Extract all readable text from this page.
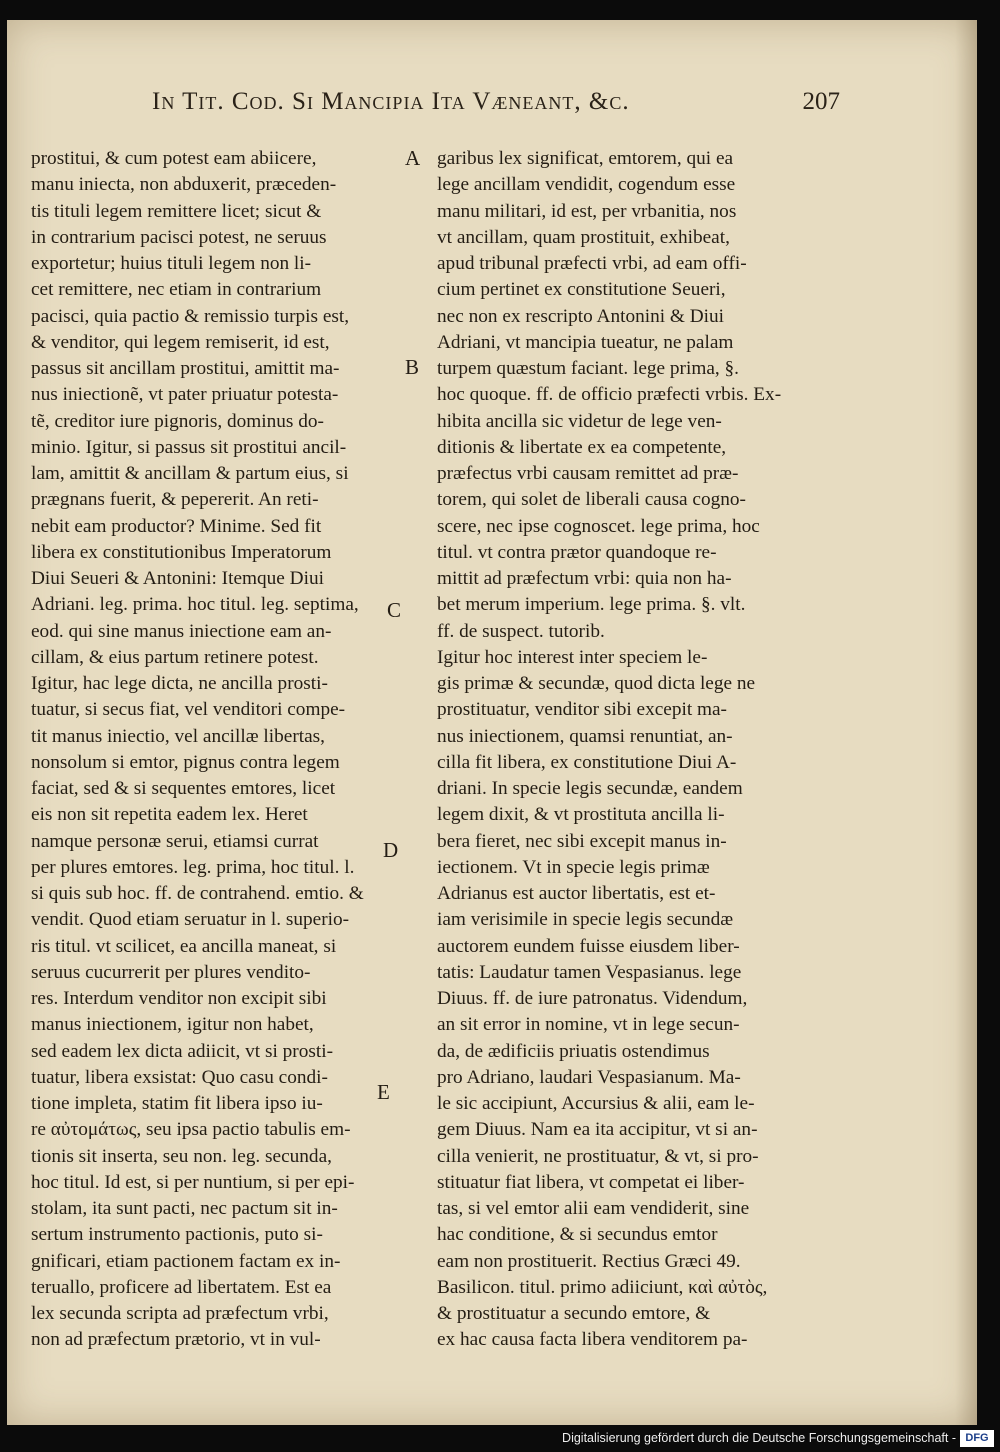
In Tit. Cod. Si Mancipia Ita Væneant, &c.	207
prostitui, & cum potest eam abiicere,
manu iniecta, non abduxerit, præceden-
tis tituli legem remittere licet; sicut &
in contrarium pacisci potest, ne seruus
exportetur; huius tituli legem non li-
cet remittere, nec etiam in contrarium
pacisci, quia pactio & remissio turpis est,
& venditor, qui legem remiserit, id est,
passus sit ancillam prostitui, amittit ma-
nus iniectionẽ, vt pater priuatur potesta-
tẽ, creditor iure pignoris, dominus do-
minio. Igitur, si passus sit prostitui ancil-
lam, amittit & ancillam & partum eius, si
prægnans fuerit, & pepererit. An reti-
nebit eam productor? Minime. Sed fit
libera ex constitutionibus Imperatorum
Diui Seueri & Antonini: Itemque Diui
Adriani. leg. prima. hoc titul. leg. septima,
eod. qui sine manus iniectione eam an-
cillam, & eius partum retinere potest.
Igitur, hac lege dicta, ne ancilla prosti-
tuatur, si secus fiat, vel venditori compe-
tit manus iniectio, vel ancillæ libertas,
nonsolum si emtor, pignus contra legem
faciat, sed & si sequentes emtores, licet
eis non sit repetita eadem lex. Heret
namque personæ serui, etiamsi currat
per plures emtores. leg. prima, hoc titul. l.
si quis sub hoc. ff. de contrahend. emtio. &
vendit. Quod etiam seruatur in l. superio-
ris titul. vt scilicet, ea ancilla maneat, si
seruus cucurrerit per plures vendito-
res. Interdum venditor non excipit sibi
manus iniectionem, igitur non habet,
sed eadem lex dicta adiicit, vt si prosti-
tuatur, libera exsistat: Quo casu condi-
tione impleta, statim fit libera ipso iu-
re αὐτομάτως, seu ipsa pactio tabulis em-
tionis sit inserta, seu non. leg. secunda,
hoc titul. Id est, si per nuntium, si per epi-
stolam, ita sunt pacti, nec pactum sit in-
sertum instrumento pactionis, puto si-
gnificari, etiam pactionem factam ex in-
teruallo, proficere ad libertatem. Est ea
lex secunda scripta ad præfectum vrbi,
non ad præfectum prætorio, vt in vul-
garibus lex significat, emtorem, qui ea
lege ancillam vendidit, cogendum esse
manu militari, id est, per vrbanitia, nos
vt ancillam, quam prostituit, exhibeat,
apud tribunal præfecti vrbi, ad eam offi-
cium pertinet ex constitutione Seueri,
nec non ex rescripto Antonini & Diui
Adriani, vt mancipia tueatur, ne palam
turpem quæstum faciant. lege prima, §.
hoc quoque. ff. de officio præfecti vrbis. Ex-
hibita ancilla sic videtur de lege ven-
ditionis & libertate ex ea competente,
præfectus vrbi causam remittet ad præ-
torem, qui solet de liberali causa cogno-
scere, nec ipse cognoscet. lege prima, hoc
titul. vt contra prætor quandoque re-
mittit ad præfectum vrbi: quia non ha-
bet merum imperium. lege prima. §. vlt.
ff. de suspect. tutorib.
Igitur hoc interest inter speciem le-
gis primæ & secundæ, quod dicta lege ne
prostituatur, venditor sibi excepit ma-
nus iniectionem, quamsi renuntiat, an-
cilla fit libera, ex constitutione Diui A-
driani. In specie legis secundæ, eandem
legem dixit, & vt prostituta ancilla li-
bera fieret, nec sibi excepit manus in-
iectionem. Vt in specie legis primæ
Adrianus est auctor libertatis, est et-
iam verisimile in specie legis secundæ
auctorem eundem fuisse eiusdem liber-
tatis: Laudatur tamen Vespasianus. lege
Diuus. ff. de iure patronatus. Videndum,
an sit error in nomine, vt in lege secun-
da, de ædificiis priuatis ostendimus
pro Adriano, laudari Vespasianum. Ma-
le sic accipiunt, Accursius & alii, eam le-
gem Diuus. Nam ea ita accipitur, vt si an-
cilla venierit, ne prostituatur, & vt, si pro-
stituatur fiat libera, vt competat ei liber-
tas, si vel emtor alii eam vendiderit, sine
hac conditione, & si secundus emtor
eam non prostituerit. Rectius Græci 49.
Basilicon. titul. primo adiiciunt, καὶ αὐτὸς,
& prostituatur a secundo emtore, &
ex hac causa facta libera venditorem pa-
A
B
C
D
E
Digitalisierung gefördert durch die Deutsche Forschungsgemeinschaft - DFG
